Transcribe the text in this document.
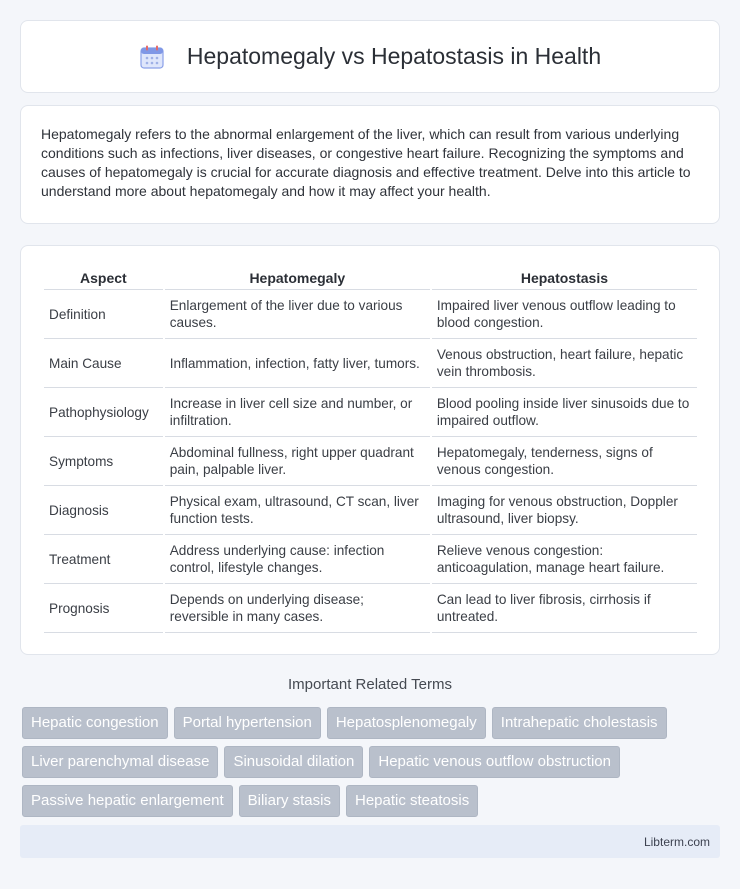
Hepatomegaly vs Hepatostasis in Health

Hepatomegaly refers to the abnormal enlargement of the liver, which can result from various underlying conditions such as infections, liver diseases, or congestive heart failure. Recognizing the symptoms and causes of hepatomegaly is crucial for accurate diagnosis and effective treatment. Delve into this article to understand more about hepatomegaly and how it may affect your health.

Aspect	Hepatomegaly	Hepatostasis
Definition	Enlargement of the liver due to various causes.	Impaired liver venous outflow leading to blood congestion.
Main Cause	Inflammation, infection, fatty liver, tumors.	Venous obstruction, heart failure, hepatic vein thrombosis.
Pathophysiology	Increase in liver cell size and number, or infiltration.	Blood pooling inside liver sinusoids due to impaired outflow.
Symptoms	Abdominal fullness, right upper quadrant pain, palpable liver.	Hepatomegaly, tenderness, signs of venous congestion.
Diagnosis	Physical exam, ultrasound, CT scan, liver function tests.	Imaging for venous obstruction, Doppler ultrasound, liver biopsy.
Treatment	Address underlying cause: infection control, lifestyle changes.	Relieve venous congestion: anticoagulation, manage heart failure.
Prognosis	Depends on underlying disease; reversible in many cases.	Can lead to liver fibrosis, cirrhosis if untreated.
Important Related Terms
Hepatic congestion	Portal hypertension	Hepatosplenomegaly	Intrahepatic cholestasis
Liver parenchymal disease	Sinusoidal dilation	Hepatic venous outflow obstruction
Passive hepatic enlargement	Biliary stasis	Hepatic steatosis
Libterm.com
